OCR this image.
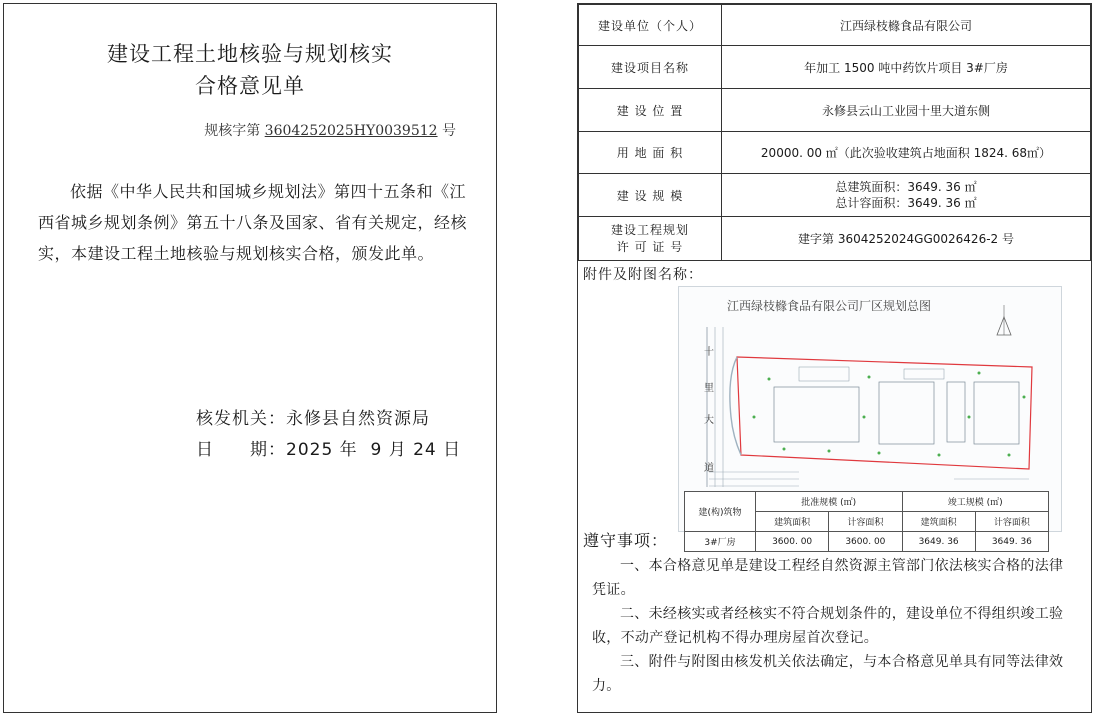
建设工程土地核验与规划核实
合格意见单
规核字第 3604252025HY0039512 号
依据《中华人民共和国城乡规划法》第四十五条和《江西省城乡规划条例》第五十八条及国家、省有关规定，经核实，本建设工程土地核验与规划核实合格，颁发此单。
核发机关：永修县自然资源局
日　　期：2025 年  9 月 24 日
建设单位（个人）	江西绿枝橼食品有限公司
建设项目名称	年加工 1500 吨中药饮片项目 3#厂房
建 设 位 置	永修县云山工业园十里大道东侧
用 地 面 积	20000. 00 ㎡（此次验收建筑占地面积 1824. 68㎡）
建 设 规 模	总建筑面积：3649. 36 ㎡
总计容面积：3649. 36 ㎡

建设工程规划
许 可 证 号	建字第 3604252024GG0026426-2 号
附件及附图名称：
江西绿枝橼食品有限公司厂区规划总图
十
里
大
道
建(构)筑物	批准规模 (㎡)		竣工规模 (㎡)	
	建筑面积	计容面积	建筑面积	计容面积
3#厂房	3600. 00	3600. 00	3649. 36	3649. 36
遵守事项：
一、本合格意见单是建设工程经自然资源主管部门依法核实合格的法律凭证。
二、未经核实或者经核实不符合规划条件的，建设单位不得组织竣工验收，不动产登记机构不得办理房屋首次登记。
三、附件与附图由核发机关依法确定，与本合格意见单具有同等法律效力。
